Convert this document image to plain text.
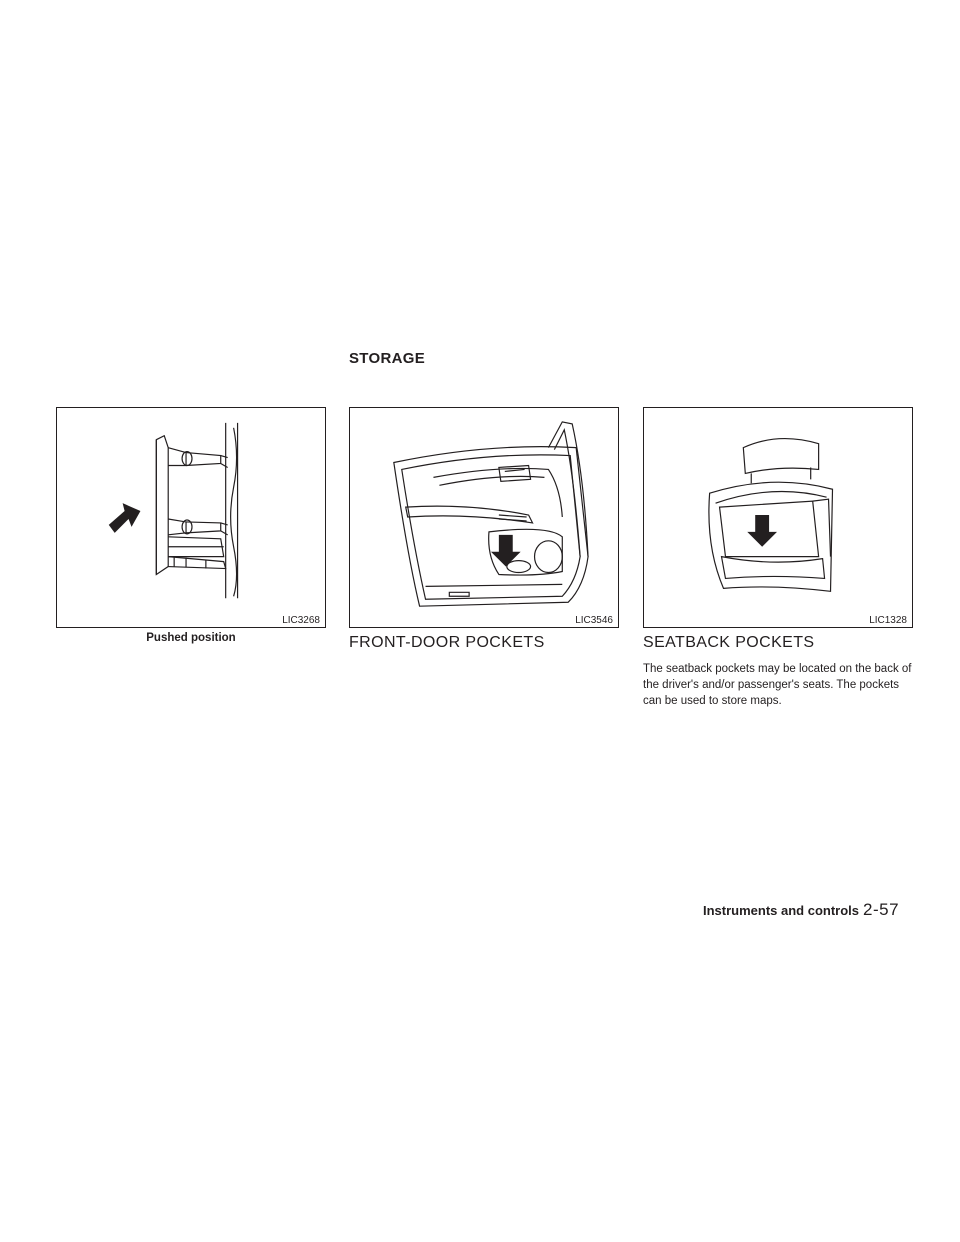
STORAGE
LIC3268
Pushed position
LIC3546
FRONT-DOOR POCKETS
LIC1328
SEATBACK POCKETS
The seatback pockets may be located on the back of the driver's and/or passenger's seats. The pockets can be used to store maps.
Instruments and controls 2-57
